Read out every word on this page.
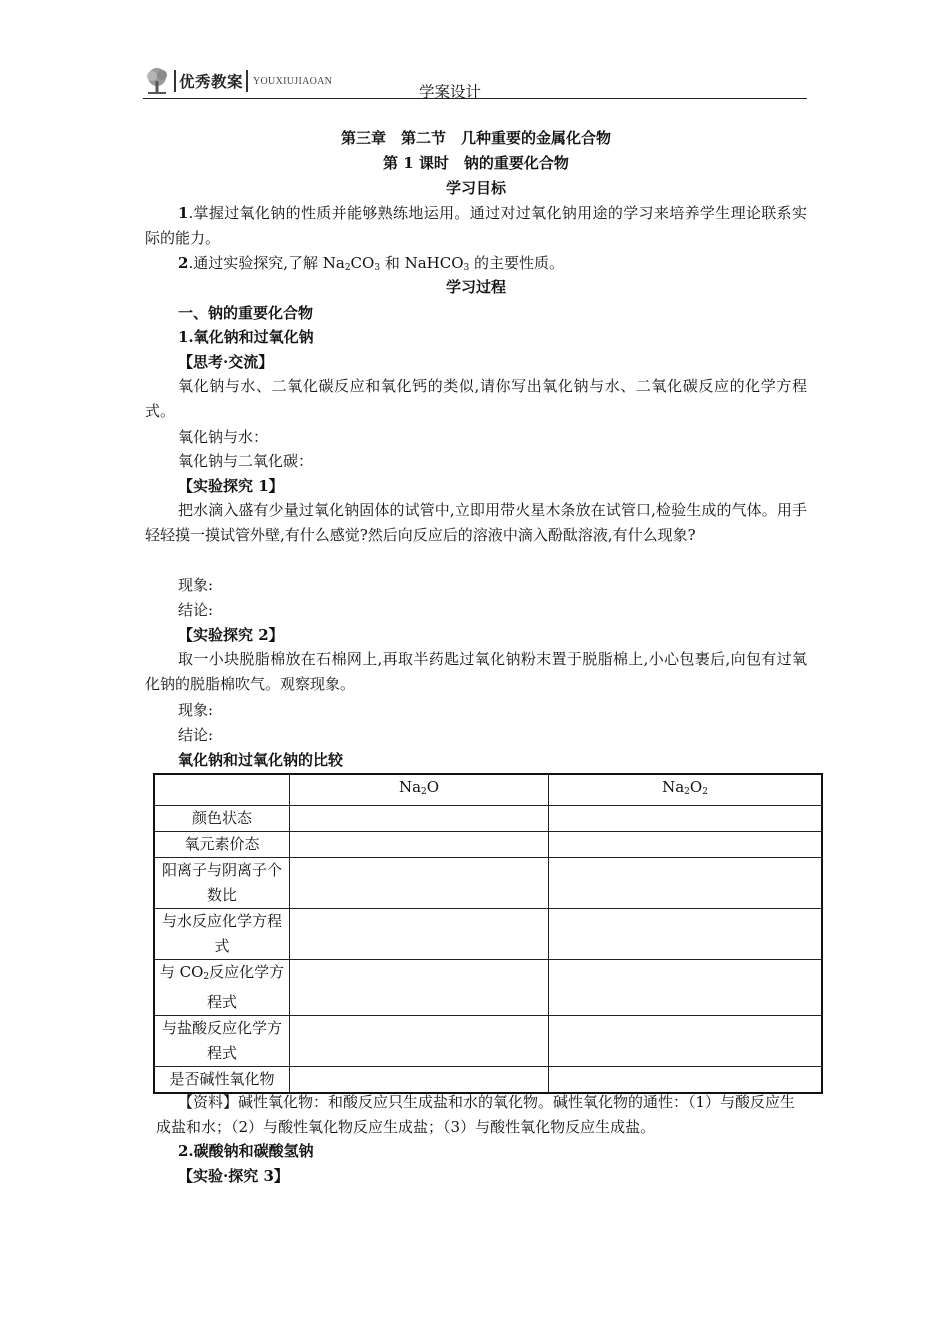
优秀教案 YOUXIUJIAOAN
学案设计
第三章　第二节　几种重要的金属化合物
第 1 课时　钠的重要化合物
学习目标
1.掌握过氧化钠的性质并能够熟练地运用。通过对过氧化钠用途的学习来培养学生理论联系实际的能力。
2.通过实验探究,了解 $Na_2CO_3$ 和 NaHCO$_3$ 的主要性质。
学习过程
一、钠的重要化合物
1.氧化钠和过氧化钠
【思考·交流】
氧化钠与水、二氧化碳反应和氧化钙的类似,请你写出氧化钠与水、二氧化碳反应的化学方程式。
氧化钠与水：
氧化钠与二氧化碳：
【实验探究 1】
把水滴入盛有少量过氧化钠固体的试管中,立即用带火星木条放在试管口,检验生成的气体。用手轻轻摸一摸试管外壁,有什么感觉?然后向反应后的溶液中滴入酚酞溶液,有什么现象?
现象:
结论:
【实验探究 2】
取一小块脱脂棉放在石棉网上,再取半药匙过氧化钠粉末置于脱脂棉上,小心包裹后,向包有过氧化钠的脱脂棉吹气。观察现象。
现象:
结论:
氧化钠和过氧化钠的比较
	$Na_2O$	$Na_2O_2$
颜色状态		
氧元素价态		
阳离子与阴离子个数比		
与水反应化学方程式		
与 $CO_2$反应化学方程式		
与盐酸反应化学方程式		
是否碱性氧化物		
【资料】碱性氧化物：和酸反应只生成盐和水的氧化物。碱性氧化物的通性：（1）与酸反应生成盐和水；（2）与酸性氧化物反应生成盐；（3）与酸性氧化物反应生成盐。
2.碳酸钠和碳酸氢钠
【实验·探究 3】
